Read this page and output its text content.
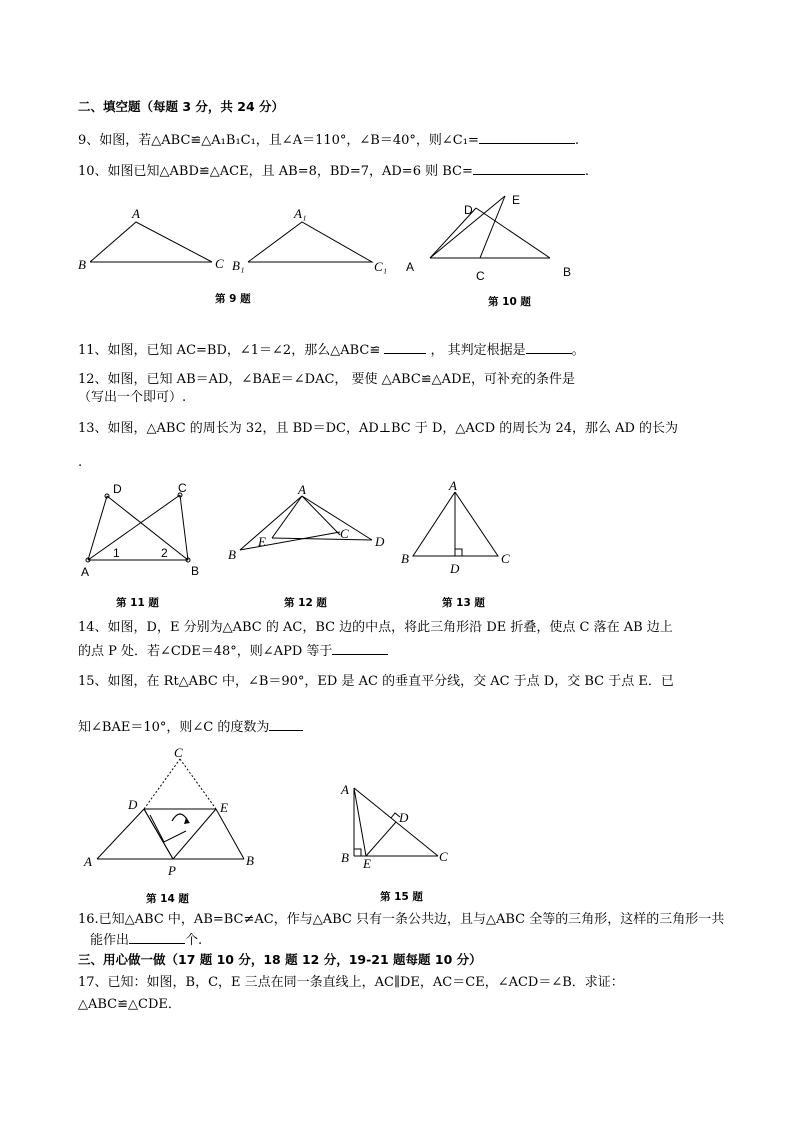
二、填空题（每题 3 分，共 24 分）
9、如图，若△ABC≌△A₁B₁C₁，且∠A＝110°，∠B＝40°，则∠C₁=	.
10、如图已知△ABD≌△ACE，且 AB=8，BD=7，AD=6 则 BC=	.
A
B	C
A₁
B₁	C₁
第 9 题
A	B
C
D
E
第 10 题
11、如图，已知 AC=BD，∠1＝∠2，那么△ABC≌	， 其判定根据是	。
12、如图，已知 AB＝AD，∠BAE＝∠DAC， 要使 △ABC≌△ADE，可补充的条件是
（写出一个即可）.
13、如图，△ABC 的周长为 32，且 BD＝DC，AD⊥BC 于 D，△ACD 的周长为 24，那么 AD 的长为
.
A	B
C
D
1	2
第 11 题
A
B
C
D
E
第 12 题
A
B	C
D
第 13 题
14、如图，D，E 分别为△ABC 的 AC，BC 边的中点，将此三角形沿 DE 折叠，使点 C 落在 AB 边上
的点 P 处．若∠CDE＝48°，则∠APD 等于
15、如图，在 Rt△ABC 中，∠B＝90°，ED 是 AC 的垂直平分线，交 AC 于点 D，交 BC 于点 E．已
知∠BAE＝10°，则∠C 的度数为
C
D	E
A	B
P
第 14 题
A
B	C
D
E
第 15 题
16.已知△ABC 中，AB=BC≠AC，作与△ABC 只有一条公共边，且与△ABC 全等的三角形，这样的三角形一共
能作出	个.
三、用心做一做（17 题 10 分，18 题 12 分，19-21 题每题 10 分）
17、已知：如图，B，C，E 三点在同一条直线上，AC∥DE，AC＝CE，∠ACD＝∠B．求证：
△ABC≌△CDE．
